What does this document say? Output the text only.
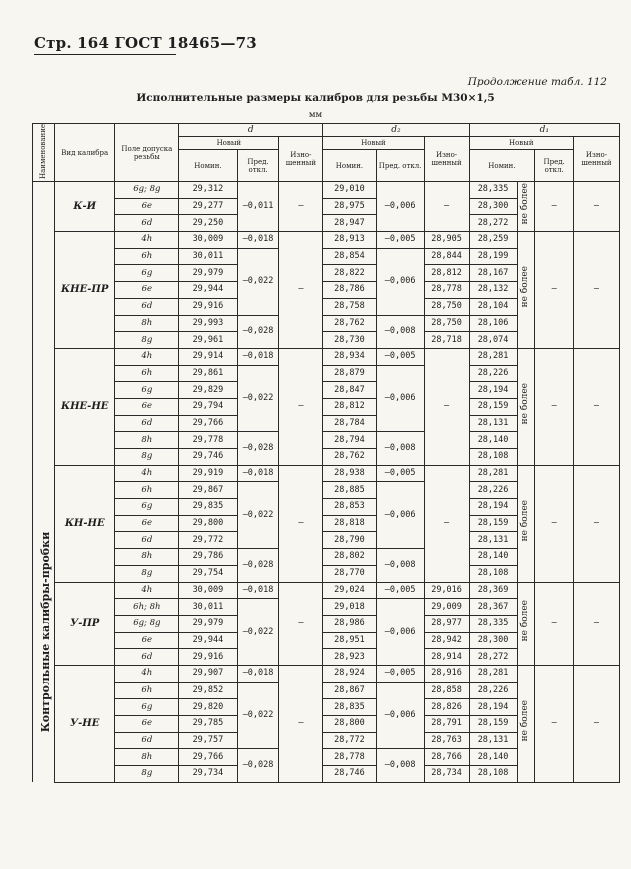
Стр. 164 ГОСТ 18465—73
Продолжение табл. 112
Исполнительные размеры калибров для резьбы М30×1,5
мм
Контрольные калибры-пробки
Наименование	Вид калибра	Поле допуска резьбы	d			d₂			d₁			
			Новый		Изно-шенный	Новый		Изно-шенный	Новый			Изно-шенный
			Номин.	Пред. откл.		Номин.	Пред. откл.		Номин.		Пред. откл.	
	К-И	6g; 8g	29,312	—0,011	—	29,010	—0,006	—	28,335	не более	—	—
		6e	29,277			28,975			28,300			
		6d	29,250			28,947			28,272			
	КНЕ-ПР	4h	30,009	—0,018	—	28,913	—0,005	28,905	28,259	не более	—	—
		6h	30,011	—0,022		28,854	—0,006	28,844	28,199			
		6g	29,979			28,822		28,812	28,167			
		6e	29,944			28,786		28,778	28,132			
		6d	29,916			28,758		28,750	28,104			
		8h	29,993	—0,028		28,762	—0,008	28,750	28,106			
		8g	29,961			28,730		28,718	28,074			
	КНЕ-НЕ	4h	29,914	—0,018	—	28,934	—0,005	—	28,281	не более	—	—
		6h	29,861	—0,022		28,879	—0,006		28,226			
		6g	29,829			28,847			28,194			
		6e	29,794			28,812			28,159			
		6d	29,766			28,784			28,131			
		8h	29,778	—0,028		28,794	—0,008		28,140			
		8g	29,746			28,762			28,108			
	КН-НЕ	4h	29,919	—0,018	—	28,938	—0,005	—	28,281	не более	—	—
		6h	29,867	—0,022		28,885	—0,006		28,226			
		6g	29,835			28,853			28,194			
		6e	29,800			28,818			28,159			
		6d	29,772			28,790			28,131			
		8h	29,786	—0,028		28,802	—0,008		28,140			
		8g	29,754			28,770			28,108			
	У-ПР	4h	30,009	—0,018	—	29,024	—0,005	29,016	28,369	не более	—	—
		6h; 8h	30,011	—0,022		29,018	—0,006	29,009	28,367			
		6g; 8g	29,979			28,986		28,977	28,335			
		6e	29,944			28,951		28,942	28,300			
		6d	29,916			28,923		28,914	28,272			
	У-НЕ	4h	29,907	—0,018	—	28,924	—0,005	28,916	28,281	не более	—	—
		6h	29,852	—0,022		28,867	—0,006	28,858	28,226			
		6g	29,820			28,835		28,826	28,194			
		6e	29,785			28,800		28,791	28,159			
		6d	29,757			28,772		28,763	28,131			
		8h	29,766	—0,028		28,778	—0,008	28,766	28,140			
		8g	29,734			28,746		28,734	28,108			
